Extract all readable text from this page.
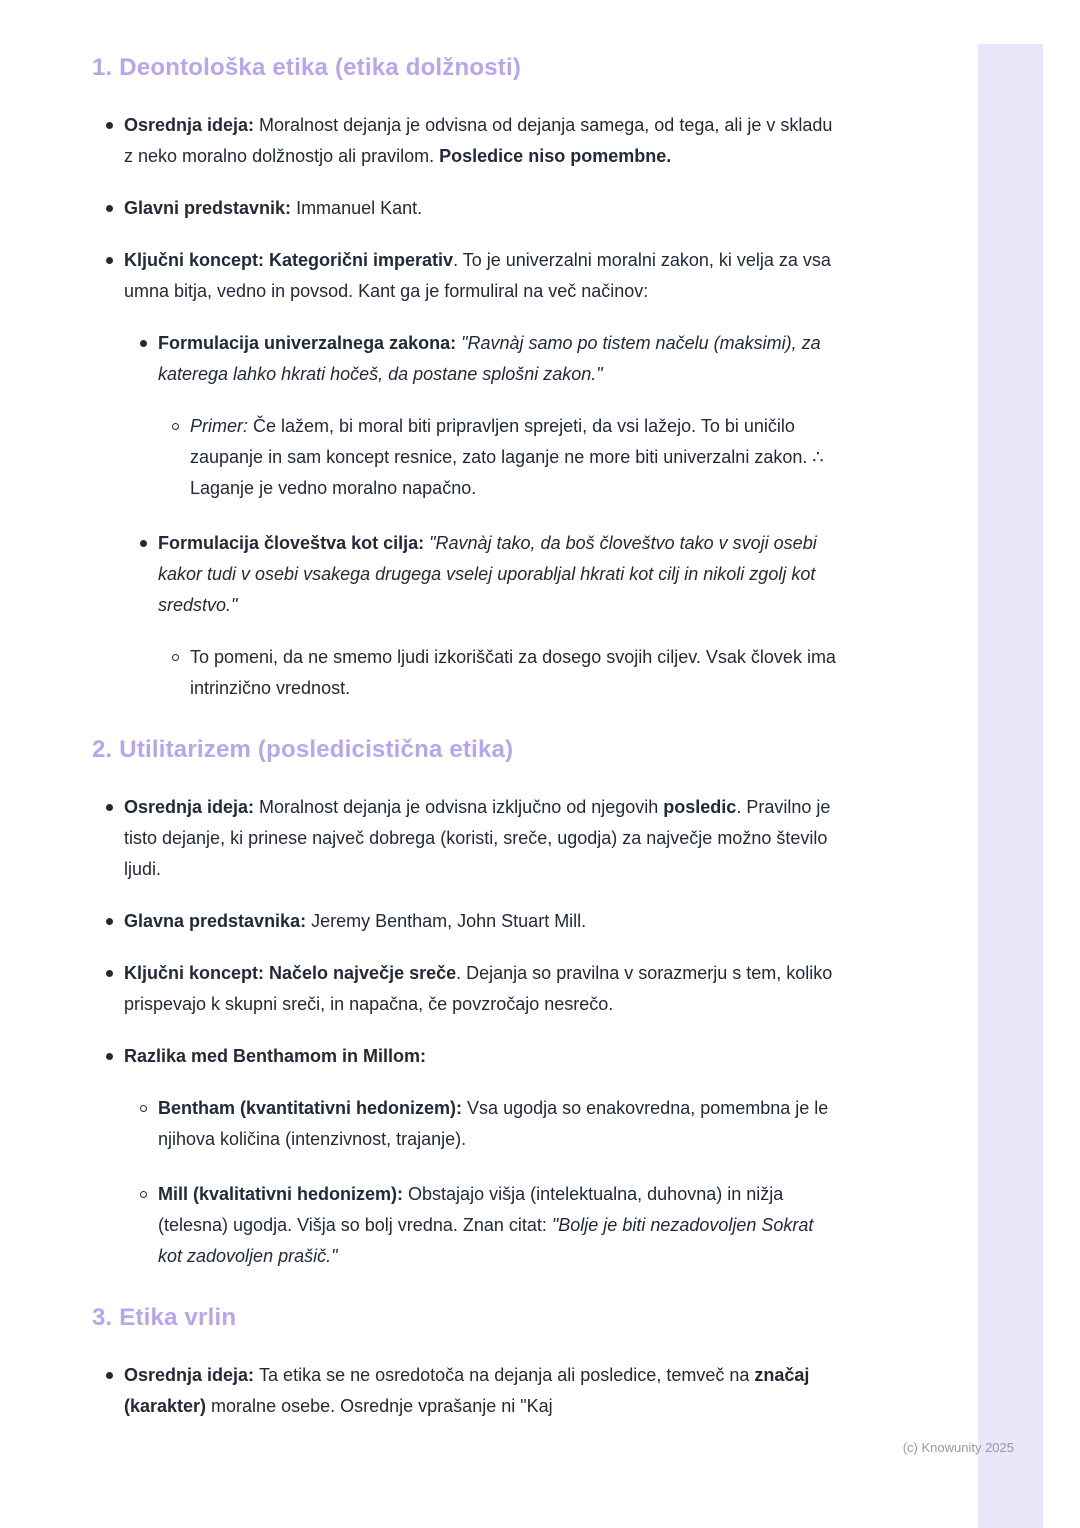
1. Deontološka etika (etika dolžnosti)
Osrednja ideja: Moralnost dejanja je odvisna od dejanja samega, od tega, ali je v skladu z neko moralno dolžnostjo ali pravilom. Posledice niso pomembne.
Glavni predstavnik: Immanuel Kant.
Ključni koncept: Kategorični imperativ. To je univerzalni moralni zakon, ki velja za vsa umna bitja, vedno in povsod. Kant ga je formuliral na več načinov:
Formulacija univerzalnega zakona: "Ravnàj samo po tistem načelu (maksimi), za katerega lahko hkrati hočeš, da postane splošni zakon."
Primer: Če lažem, bi moral biti pripravljen sprejeti, da vsi lažejo. To bi uničilo zaupanje in sam koncept resnice, zato laganje ne more biti univerzalni zakon. ∴ Laganje je vedno moralno napačno.
Formulacija človeštva kot cilja: "Ravnàj tako, da boš človeštvo tako v svoji osebi kakor tudi v osebi vsakega drugega vselej uporabljal hkrati kot cilj in nikoli zgolj kot sredstvo."
To pomeni, da ne smemo ljudi izkoriščati za dosego svojih ciljev. Vsak človek ima intrinzično vrednost.
2. Utilitarizem (posledicistična etika)
Osrednja ideja: Moralnost dejanja je odvisna izključno od njegovih posledic. Pravilno je tisto dejanje, ki prinese največ dobrega (koristi, sreče, ugodja) za največje možno število ljudi.
Glavna predstavnika: Jeremy Bentham, John Stuart Mill.
Ključni koncept: Načelo največje sreče. Dejanja so pravilna v sorazmerju s tem, koliko prispevajo k skupni sreči, in napačna, če povzročajo nesrečo.
Razlika med Benthamom in Millom:
Bentham (kvantitativni hedonizem): Vsa ugodja so enakovredna, pomembna je le njihova količina (intenzivnost, trajanje).
Mill (kvalitativni hedonizem): Obstajajo višja (intelektualna, duhovna) in nižja (telesna) ugodja. Višja so bolj vredna. Znan citat: "Bolje je biti nezadovoljen Sokrat kot zadovoljen prašič."
3. Etika vrlin
Osrednja ideja: Ta etika se ne osredotoča na dejanja ali posledice, temveč na značaj (karakter) moralne osebe. Osrednje vprašanje ni "Kaj
(c) Knowunity 2025
